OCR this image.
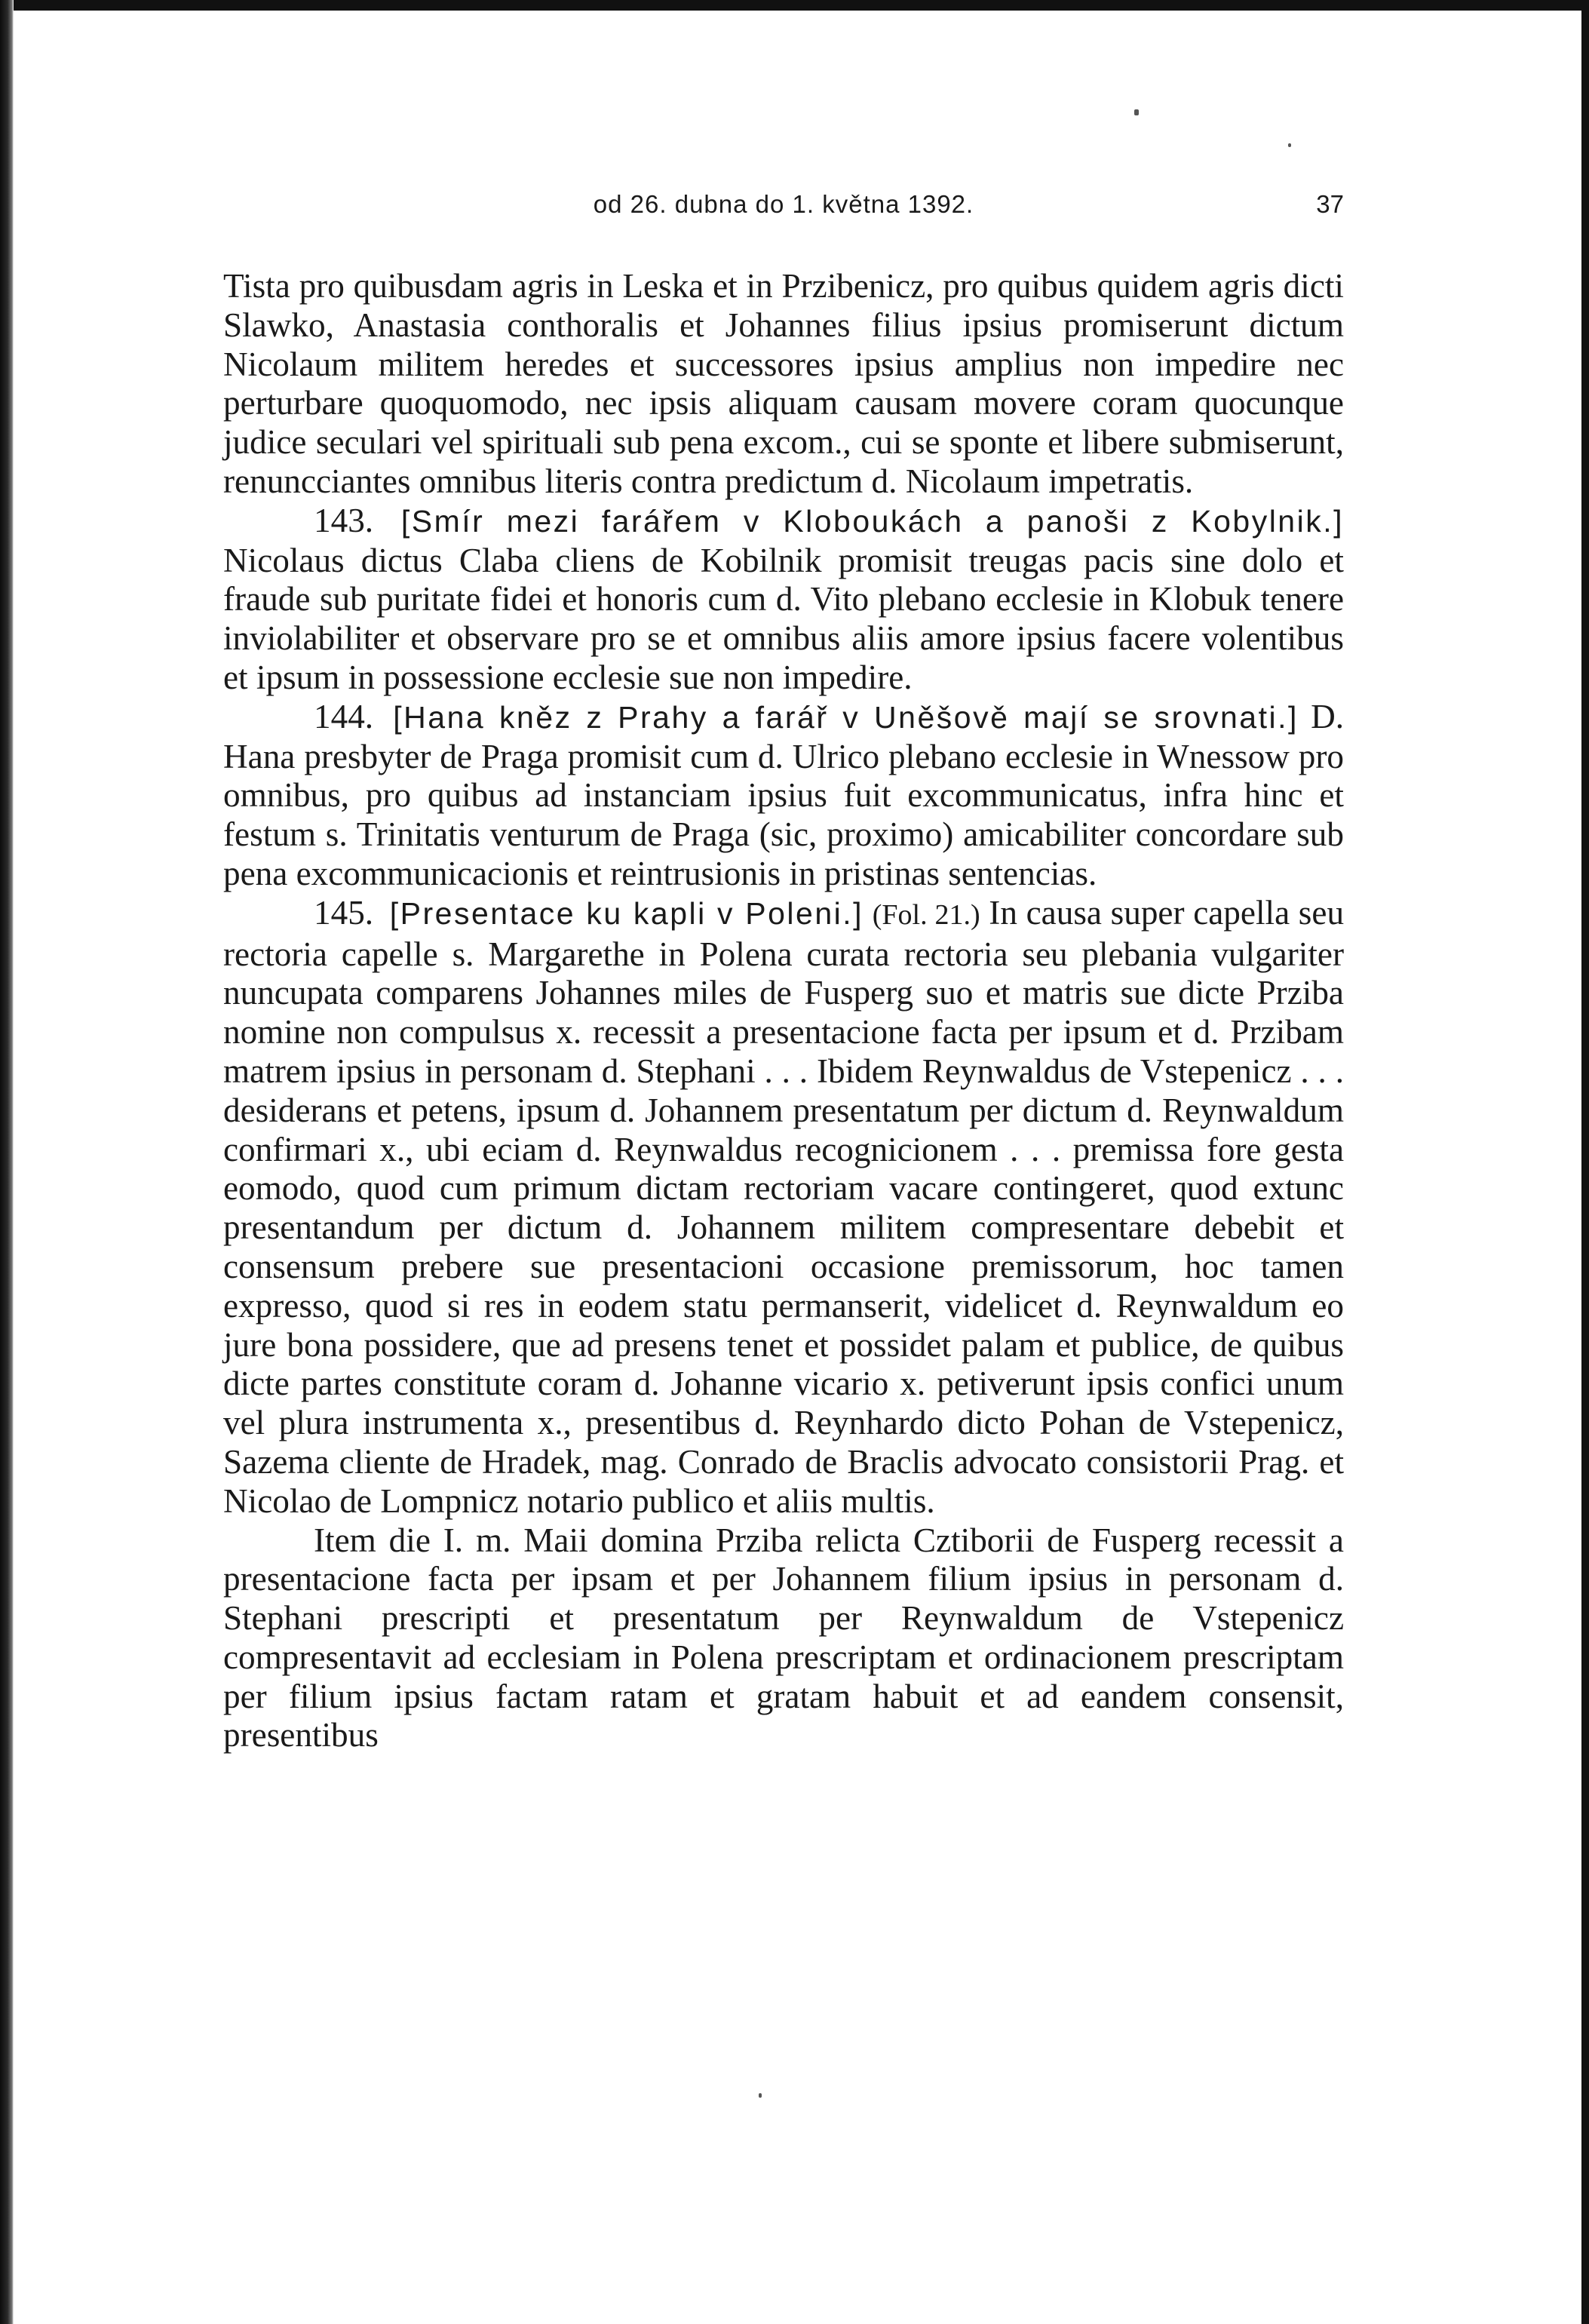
od 26. dubna do 1. května 1392.	37

Tista pro quibusdam agris in Leska et in Przibenicz, pro quibus quidem agris dicti Slawko, Anastasia conthoralis et Johannes filius ipsius promiserunt dictum Nicolaum militem heredes et successores ipsius amplius non impedire nec perturbare quoquomodo, nec ipsis aliquam causam movere coram quocunque judice seculari vel spirituali sub pena excom., cui se sponte et libere submiserunt, renuncciantes omnibus literis contra predictum d. Nicolaum impetratis.

143. [Smír mezi farářem v Kloboukách a panoši z Kobylnik.] Nicolaus dictus Claba cliens de Kobilnik promisit treugas pacis sine dolo et fraude sub puritate fidei et honoris cum d. Vito plebano ecclesie in Klobuk tenere inviolabiliter et observare pro se et omnibus aliis amore ipsius facere volentibus et ipsum in possessione ecclesie sue non impedire.

144. [Hana kněz z Prahy a farář v Uněšově mají se srovnati.] D. Hana presbyter de Praga promisit cum d. Ulrico plebano ecclesie in Wnessow pro omnibus, pro quibus ad instanciam ipsius fuit excommunicatus, infra hinc et festum s. Trinitatis venturum de Praga (sic, proximo) amicabiliter concordare sub pena excommunicacionis et reintrusionis in pristinas sentencias.

145. [Presentace ku kapli v Poleni.] (Fol. 21.) In causa super capella seu rectoria capelle s. Margarethe in Polena curata rectoria seu plebania vulgariter nuncupata comparens Johannes miles de Fusperg suo et matris sue dicte Prziba nomine non compulsus x. recessit a presentacione facta per ipsum et d. Przibam matrem ipsius in personam d. Stephani . . . Ibidem Reynwaldus de Vstepenicz . . . desiderans et petens, ipsum d. Johannem presentatum per dictum d. Reynwaldum confirmari x., ubi eciam d. Reynwaldus recognicionem . . . premissa fore gesta eomodo, quod cum primum dictam rectoriam vacare contingeret, quod extunc presentandum per dictum d. Johannem militem compresentare debebit et consensum prebere sue presentacioni occasione premissorum, hoc tamen expresso, quod si res in eodem statu permanserit, videlicet d. Reynwaldum eo jure bona possidere, que ad presens tenet et possidet palam et publice, de quibus dicte partes constitute coram d. Johanne vicario x. petiverunt ipsis confici unum vel plura instrumenta x., presentibus d. Reynhardo dicto Pohan de Vstepenicz, Sazema cliente de Hradek, mag. Conrado de Braclis advocato consistorii Prag. et Nicolao de Lompnicz notario publico et aliis multis.

Item die I. m. Maii domina Prziba relicta Cztiborii de Fusperg recessit a presentacione facta per ipsam et per Johannem filium ipsius in personam d. Stephani prescripti et presentatum per Reynwaldum de Vstepenicz compresentavit ad ecclesiam in Polena prescriptam et ordinacionem prescriptam per filium ipsius factam ratam et gratam habuit et ad eandem consensit, presentibus
